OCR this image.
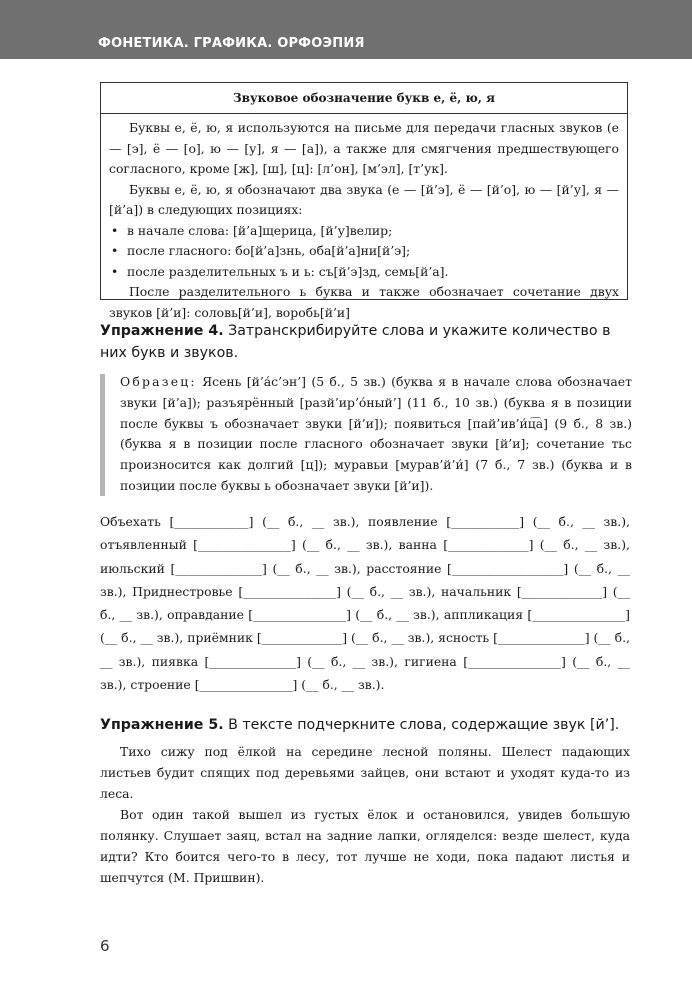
ФОНЕТИКА. ГРАФИКА. ОРФОЭПИЯ
Звуковое обозначение букв е, ё, ю, я

Буквы е, ё, ю, я используются на письме для передачи гласных звуков (е — [э], ё — [о], ю — [у], я — [а]), а также для смягчения предшествующего согласного, кроме [ж], [ш], [ц]: [л’он], [м’эл], [т’ук].

Буквы е, ё, ю, я обозначают два звука (е — [й’э], ё — [й’о], ю — [й’у], я — [й’а]) в следующих позициях:

• в начале слова: [й’а]щерица, [й’у]велир;
• после гласного: бо[й’а]знь, оба[й’а]ни[й’э];
• после разделительных ъ и ь: съ[й’э]зд, семь[й’а].

После разделительного ь буква и также обозначает сочетание двух звуков [й’и]: соловь[й’и], воробь[й’и]

Упражнение 4. Затранскрибируйте слова и укажите количество в них букв и звуков.

Образец: Ясень [й’а́с’эн’] (5 б., 5 зв.) (буква я в начале слова обозначает звуки [й’а]); разъярённый [разй’ир’о́ный’] (11 б., 10 зв.) (буква я в позиции после буквы ъ обозначает звуки [й’и]); появиться [пай’ив’и́ц͡а] (9 б., 8 зв.) (буква я в позиции после гласного обозначает звуки [й’и]; сочетание тьс произносится как долгий [ц]); муравьи [мурав’й’и́] (7 б., 7 зв.) (буква и в позиции после буквы ь обозначает звуки [й’и]).

Объехать [____________] (__ б., __ зв.), появление [___________] (__ б., __ зв.), отъявленный [_______________] (__ б., __ зв.), ванна [_____________] (__ б., __ зв.), июльский [______________] (__ б., __ зв.), расстояние [__________________] (__ б., __ зв.), Приднестровье [_______________] (__ б., __ зв.), начальник [_____________] (__ б., __ зв.), оправдание [_______________] (__ б., __ зв.), аппликация [_______________] (__ б., __ зв.), приёмник [_____________] (__ б., __ зв.), ясность [______________] (__ б., __ зв.), пиявка [______________] (__ б., __ зв.), гигиена [_______________] (__ б., __ зв.), строение [_______________] (__ б., __ зв.).

Упражнение 5. В тексте подчеркните слова, содержащие звук [й’].

Тихо сижу под ёлкой на середине лесной поляны. Шелест падающих листьев будит спящих под деревьями зайцев, они встают и уходят куда-то из леса.

Вот один такой вышел из густых ёлок и остановился, увидев большую полянку. Слушает заяц, встал на задние лапки, огляделся: везде шелест, куда идти? Кто боится чего-то в лесу, тот лучше не ходи, пока падают листья и шепчутся (М. Пришвин).

6
